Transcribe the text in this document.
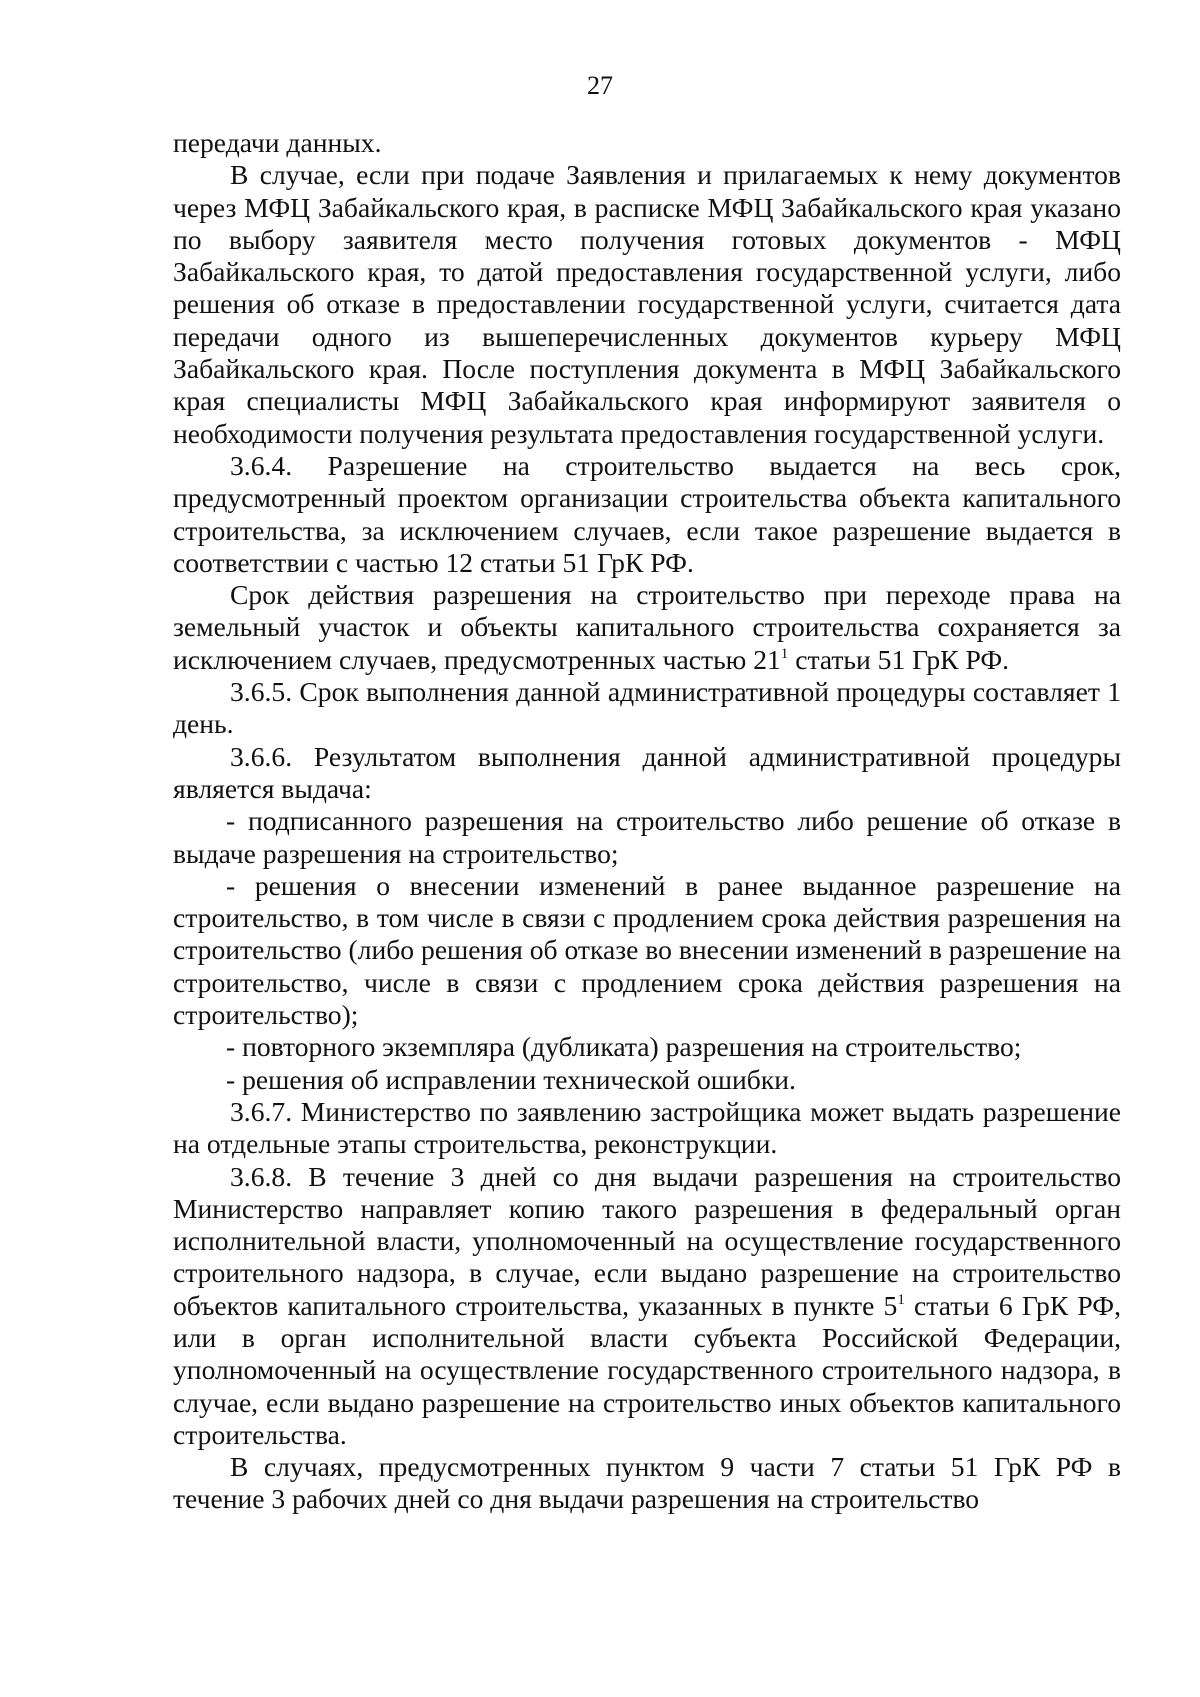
27

передачи данных.

В случае, если при подаче Заявления и прилагаемых к нему документов через МФЦ Забайкальского края, в расписке МФЦ Забайкальского края указано по выбору заявителя место получения готовых документов - МФЦ Забайкальского края, то датой предоставления государственной услуги, либо решения об отказе в предоставлении государственной услуги, считается дата передачи одного из вышеперечисленных документов курьеру МФЦ Забайкальского края. После поступления документа в МФЦ Забайкальского края специалисты МФЦ Забайкальского края информируют заявителя о необходимости получения результата предоставления государственной услуги.

3.6.4. Разрешение на строительство выдается на весь срок, предусмотренный проектом организации строительства объекта капитального строительства, за исключением случаев, если такое разрешение выдается в соответствии с частью 12 статьи 51 ГрК РФ.

Срок действия разрешения на строительство при переходе права на земельный участок и объекты капитального строительства сохраняется за исключением случаев, предусмотренных частью $21^1$ статьи 51 ГрК РФ.

3.6.5. Срок выполнения данной административной процедуры составляет 1 день.

3.6.6. Результатом выполнения данной административной процедуры является выдача:

- подписанного разрешения на строительство либо решение об отказе в выдаче разрешения на строительство;

- решения о внесении изменений в ранее выданное разрешение на строительство, в том числе в связи с продлением срока действия разрешения на строительство (либо решения об отказе во внесении изменений в разрешение на строительство, числе в связи с продлением срока действия разрешения на строительство);

- повторного экземпляра (дубликата) разрешения на строительство;

- решения об исправлении технической ошибки.

3.6.7. Министерство по заявлению застройщика может выдать разрешение на отдельные этапы строительства, реконструкции.

3.6.8. В течение 3 дней со дня выдачи разрешения на строительство Министерство направляет копию такого разрешения в федеральный орган исполнительной власти, уполномоченный на осуществление государственного строительного надзора, в случае, если выдано разрешение на строительство объектов капитального строительства, указанных в пункте $5^1$ статьи 6 ГрК РФ, или в орган исполнительной власти субъекта Российской Федерации, уполномоченный на осуществление государственного строительного надзора, в случае, если выдано разрешение на строительство иных объектов капитального строительства.

В случаях, предусмотренных пунктом 9 части 7 статьи 51 ГрК РФ в течение 3 рабочих дней со дня выдачи разрешения на строительство
